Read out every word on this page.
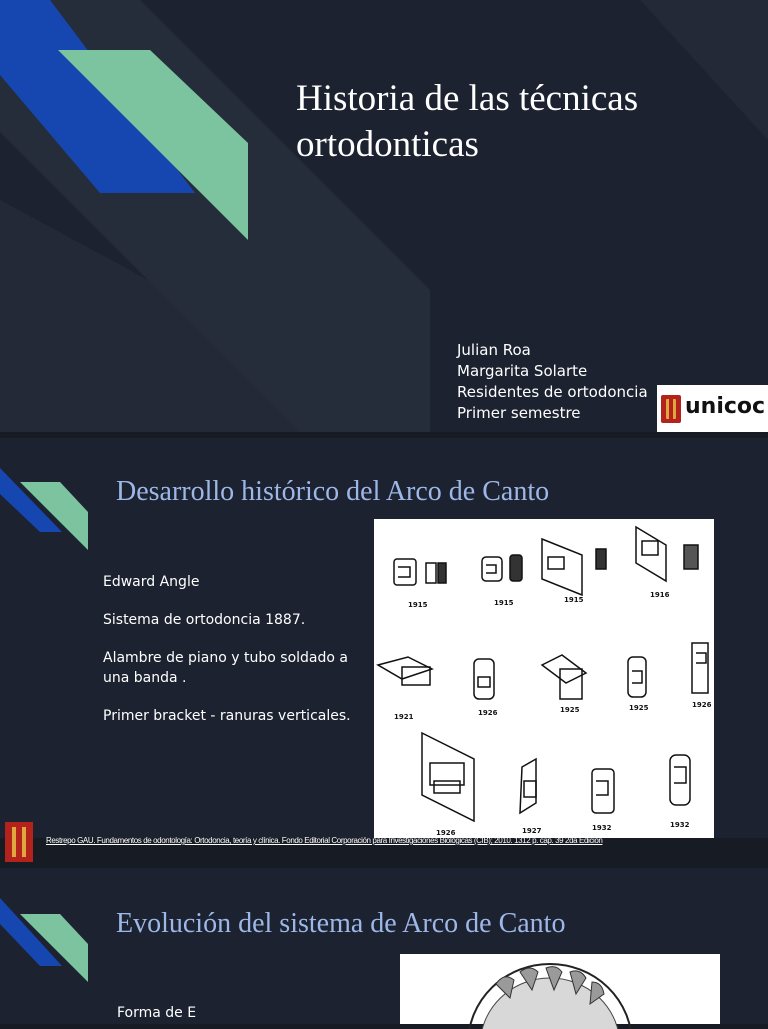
Historia de las técnicas ortodonticas
Julian Roa
Margarita Solarte
Residentes de ortodoncia
Primer semestre	unicoc
Desarrollo histórico del Arco de Canto

Edward Angle

Sistema de ortodoncia 1887.

Alambre de piano y tubo soldado a una banda .

Primer bracket - ranuras verticales.

1915	1915	1915
1916
1921	1926	1925	1925	1926
1926	1927	1932	1932
Restrepo GAU. Fundamentos de odontología: Ortodoncia, teoría y clínica. Fondo Editorial Corporación para Investigaciones Biológicas (CIB); 2010. 1312 p. cap. 39 2da Edición
Evolución del sistema de Arco de Canto
Forma de E
